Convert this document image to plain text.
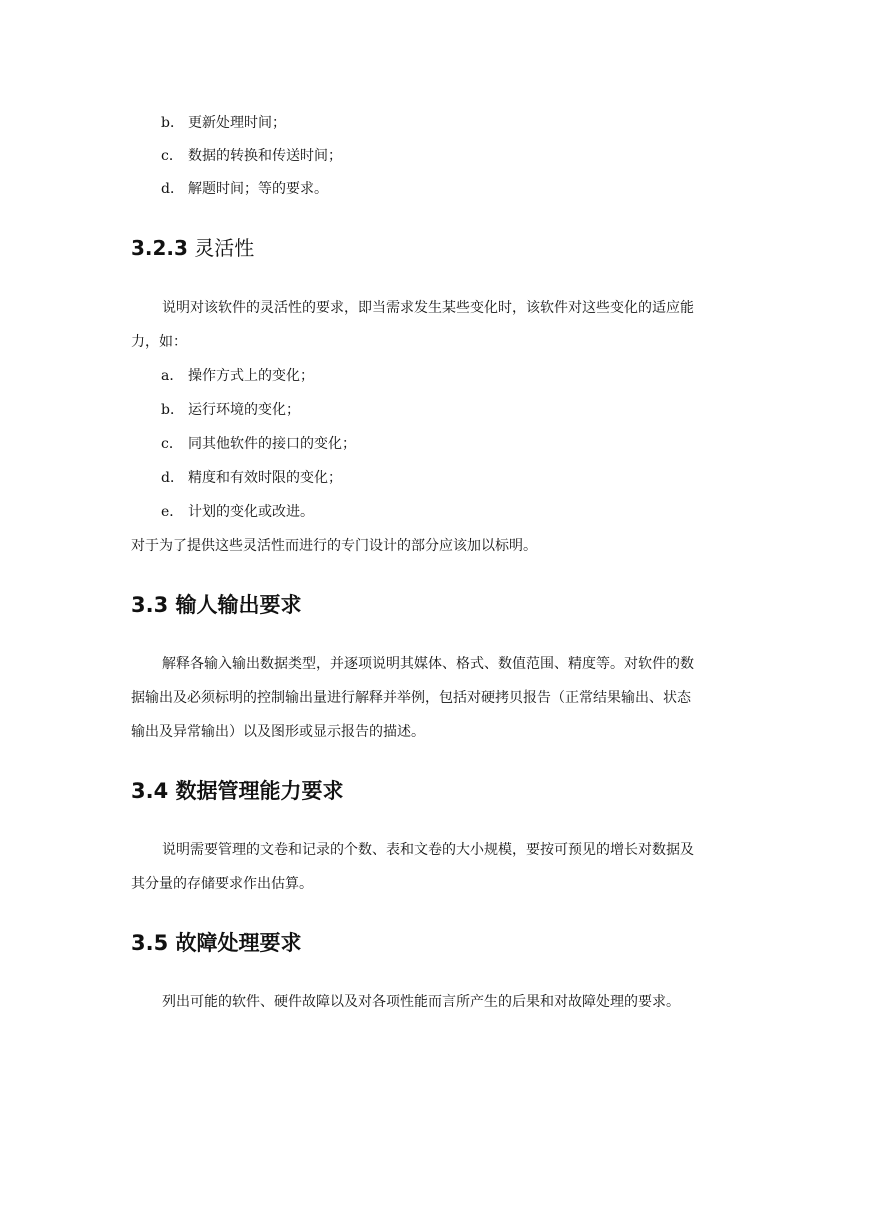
b． 更新处理时间；
c． 数据的转换和传送时间；
d． 解题时间；等的要求。
3.2.3 灵活性
说明对该软件的灵活性的要求，即当需求发生某些变化时，该软件对这些变化的适应能
力，如：
a． 操作方式上的变化；
b． 运行环境的变化；
c． 同其他软件的接口的变化；
d． 精度和有效时限的变化；
e． 计划的变化或改进。
对于为了提供这些灵活性而进行的专门设计的部分应该加以标明。
3.3 输人输出要求
解释各输入输出数据类型，并逐项说明其媒体、格式、数值范围、精度等。对软件的数
据输出及必须标明的控制输出量进行解释并举例，包括对硬拷贝报告（正常结果输出、状态
输出及异常输出）以及图形或显示报告的描述。
3.4 数据管理能力要求
说明需要管理的文卷和记录的个数、表和文卷的大小规模，要按可预见的增长对数据及
其分量的存储要求作出估算。
3.5 故障处理要求
列出可能的软件、硬件故障以及对各项性能而言所产生的后果和对故障处理的要求。
